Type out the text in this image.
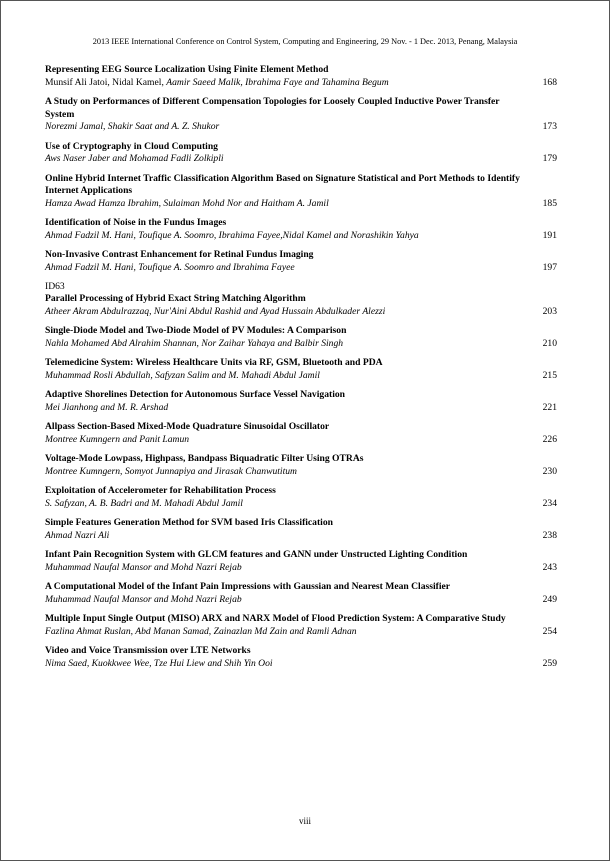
2013 IEEE International Conference on Control System, Computing and Engineering, 29 Nov. - 1 Dec. 2013, Penang, Malaysia
Representing EEG Source Localization Using Finite Element Method
Munsif Ali Jatoi, Nidal Kamel, Aamir Saeed Malik, Ibrahima Faye and Tahamina Begum	168
A Study on Performances of Different Compensation Topologies for Loosely Coupled Inductive Power Transfer System
Norezmi Jamal, Shakir Saat and A. Z. Shukor	173
Use of Cryptography in Cloud Computing
Aws Naser Jaber and Mohamad Fadli Zolkipli	179
Online Hybrid Internet Traffic Classification Algorithm Based on Signature Statistical and Port Methods to Identify Internet Applications
Hamza Awad Hamza Ibrahim, Sulaiman Mohd Nor and Haitham A. Jamil	185
Identification of Noise in the Fundus Images
Ahmad Fadzil M. Hani, Toufique A. Soomro, Ibrahima Fayee,Nidal Kamel and Norashikin Yahya	191
Non-Invasive Contrast Enhancement for Retinal Fundus Imaging
Ahmad Fadzil M. Hani, Toufique A. Soomro and Ibrahima Fayee	197
ID63
Parallel Processing of Hybrid Exact String Matching Algorithm
Atheer Akram Abdulrazzaq, Nur'Aini Abdul Rashid and Ayad Hussain Abdulkader Alezzi	203
Single-Diode Model and Two-Diode Model of PV Modules: A Comparison
Nahla Mohamed Abd Alrahim Shannan, Nor Zaihar Yahaya and Balbir Singh	210
Telemedicine System: Wireless Healthcare Units via RF, GSM, Bluetooth and PDA
Muhammad Rosli Abdullah, Safyzan Salim and M. Mahadi Abdul Jamil	215
Adaptive Shorelines Detection for Autonomous Surface Vessel Navigation
Mei Jianhong and M. R. Arshad	221
Allpass Section-Based Mixed-Mode Quadrature Sinusoidal Oscillator
Montree Kumngern and Panit Lamun	226
Voltage-Mode Lowpass, Highpass, Bandpass Biquadratic Filter Using OTRAs
Montree Kumngern, Somyot Junnapiya and Jirasak Chanwutitum	230
Exploitation of Accelerometer for Rehabilitation Process
S. Safyzan, A. B. Badri and M. Mahadi Abdul Jamil	234
Simple Features Generation Method for SVM based Iris Classification
Ahmad Nazri Ali	238
Infant Pain Recognition System with GLCM features and GANN under Unstructed Lighting Condition
Muhammad Naufal Mansor and Mohd Nazri Rejab	243
A Computational Model of the Infant Pain Impressions with Gaussian and Nearest Mean Classifier
Muhammad Naufal Mansor and Mohd Nazri Rejab	249
Multiple Input Single Output (MISO) ARX and NARX Model of Flood Prediction System: A Comparative Study
Fazlina Ahmat Ruslan, Abd Manan Samad, Zainazlan Md Zain and Ramli Adnan	254
Video and Voice Transmission over LTE Networks
Nima Saed, Kuokkwee Wee, Tze Hui Liew and Shih Yin Ooi	259
viii
